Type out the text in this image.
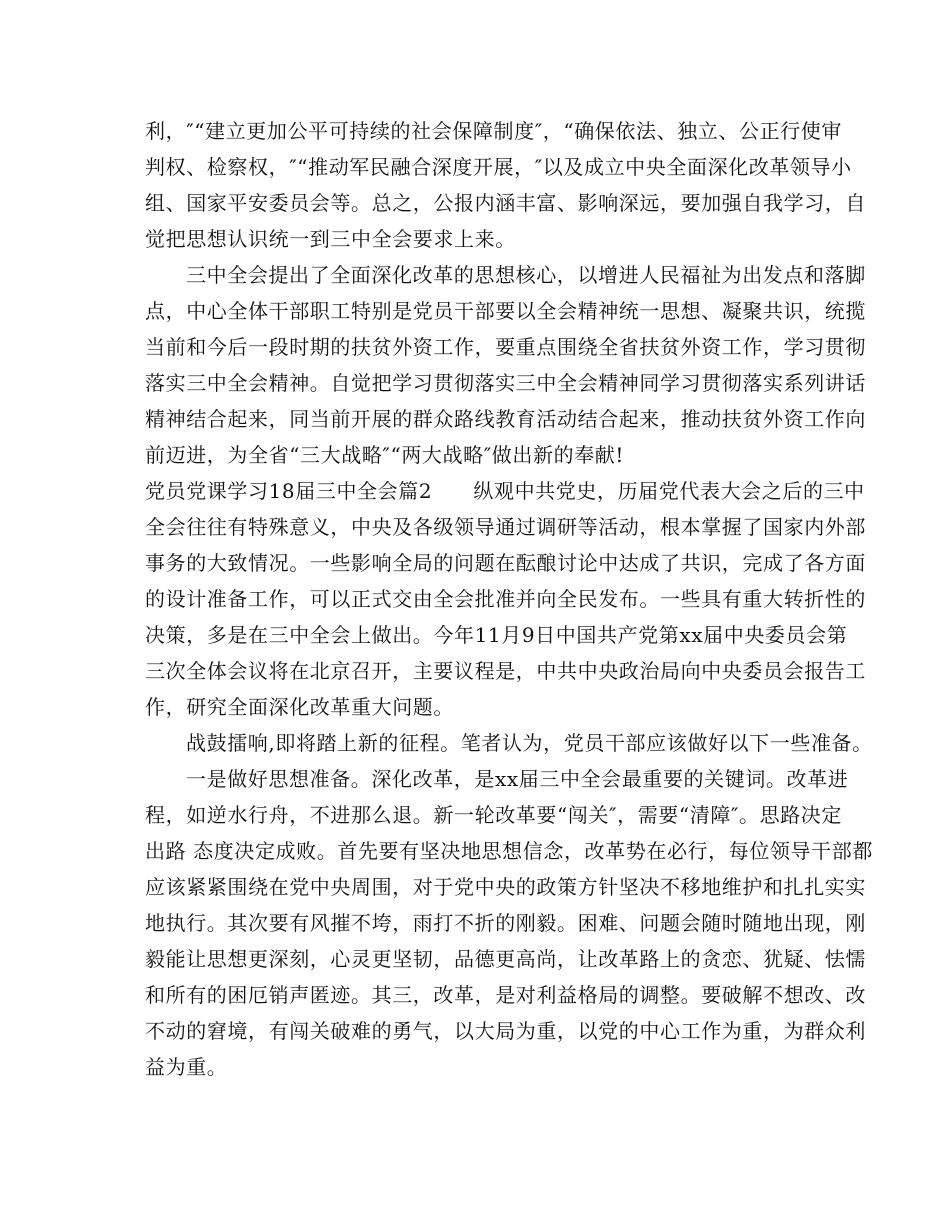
利，″“建立更加公平可持续的社会保障制度″，“确保依法、独立、公正行使审
判权、检察权，″“推动军民融合深度开展，″以及成立中央全面深化改革领导小
组、国家平安委员会等。总之，公报内涵丰富、影响深远，要加强自我学习，自
觉把思想认识统一到三中全会要求上来。
三中全会提出了全面深化改革的思想核心，以增进人民福祉为出发点和落脚
点，中心全体干部职工特别是党员干部要以全会精神统一思想、凝聚共识，统揽
当前和今后一段时期的扶贫外资工作，要重点围绕全省扶贫外资工作，学习贯彻
落实三中全会精神。自觉把学习贯彻落实三中全会精神同学习贯彻落实系列讲话
精神结合起来，同当前开展的群众路线教育活动结合起来，推动扶贫外资工作向
前迈进，为全省“三大战略″“两大战略″做出新的奉献!
党员党课学习18届三中全会篇2　　纵观中共党史，历届党代表大会之后的三中
全会往往有特殊意义，中央及各级领导通过调研等活动，根本掌握了国家内外部
事务的大致情况。一些影响全局的问题在酝酿讨论中达成了共识，完成了各方面
的设计准备工作，可以正式交由全会批准并向全民发布。一些具有重大转折性的
决策，多是在三中全会上做出。今年11月9日中国共产党第xx届中央委员会第
三次全体会议将在北京召开，主要议程是，中共中央政治局向中央委员会报告工
作，研究全面深化改革重大问题。
战鼓擂响,即将踏上新的征程。笔者认为，党员干部应该做好以下一些准备。
一是做好思想准备。深化改革，是xx届三中全会最重要的关键词。改革进
程，如逆水行舟，不进那么退。新一轮改革要“闯关″，需要“清障″。思路决定
出路 态度决定成败。首先要有坚决地思想信念，改革势在必行，每位领导干部都
应该紧紧围绕在党中央周围，对于党中央的政策方针坚决不移地维护和扎扎实实
地执行。其次要有风摧不垮，雨打不折的刚毅。困难、问题会随时随地出现，刚
毅能让思想更深刻，心灵更坚韧，品德更高尚，让改革路上的贪恋、犹疑、怯懦
和所有的困厄销声匿迹。其三，改革，是对利益格局的调整。要破解不想改、改
不动的窘境，有闯关破难的勇气，以大局为重，以党的中心工作为重，为群众利
益为重。
